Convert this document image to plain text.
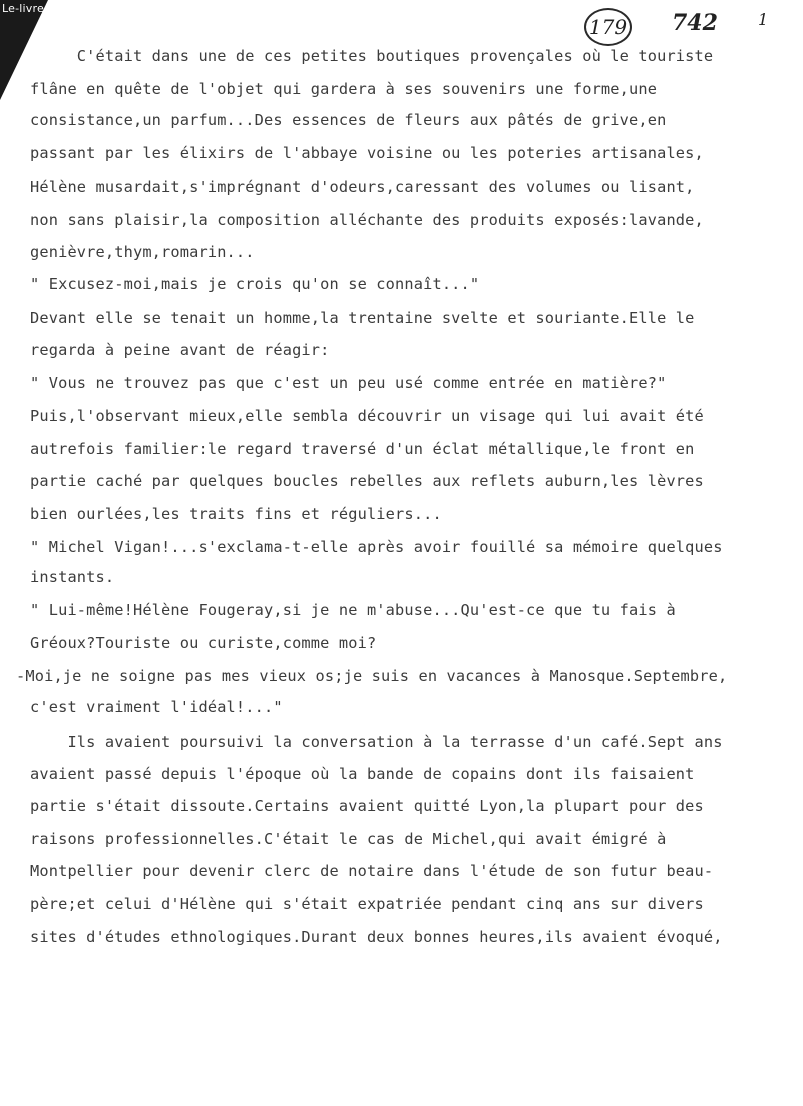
Le-livre.fr
179 742	1
C'était dans une de ces petites boutiques provençales où le touriste
flâne en quête de l'objet qui gardera à ses souvenirs une forme,une
consistance,un parfum...Des essences de fleurs aux pâtés de grive,en
passant par les élixirs de l'abbaye voisine ou les poteries artisanales,
Hélène musardait,s'imprégnant d'odeurs,caressant des volumes ou lisant,
non sans plaisir,la composition alléchante des produits exposés:lavande,
genièvre,thym,romarin...
" Excusez-moi,mais je crois qu'on se connaît..."
Devant elle se tenait un homme,la trentaine svelte et souriante.Elle le
regarda à peine avant de réagir:
" Vous ne trouvez pas que c'est un peu usé comme entrée en matière?"
Puis,l'observant mieux,elle sembla découvrir un visage qui lui avait été
autrefois familier:le regard traversé d'un éclat métallique,le front en
partie caché par quelques boucles rebelles aux reflets auburn,les lèvres
bien ourlées,les traits fins et réguliers...
" Michel Vigan!...s'exclama-t-elle après avoir fouillé sa mémoire quelques
instants.
" Lui-même!Hélène Fougeray,si je ne m'abuse...Qu'est-ce que tu fais à
Gréoux?Touriste ou curiste,comme moi?
-Moi,je ne soigne pas mes vieux os;je suis en vacances à Manosque.Septembre,
c'est vraiment l'idéal!..."
Ils avaient poursuivi la conversation à la terrasse d'un café.Sept ans
avaient passé depuis l'époque où la bande de copains dont ils faisaient
partie s'était dissoute.Certains avaient quitté Lyon,la plupart pour des
raisons professionnelles.C'était le cas de Michel,qui avait émigré à
Montpellier pour devenir clerc de notaire dans l'étude de son futur beau-
père;et celui d'Hélène qui s'était expatriée pendant cinq ans sur divers
sites d'études ethnologiques.Durant deux bonnes heures,ils avaient évoqué,
